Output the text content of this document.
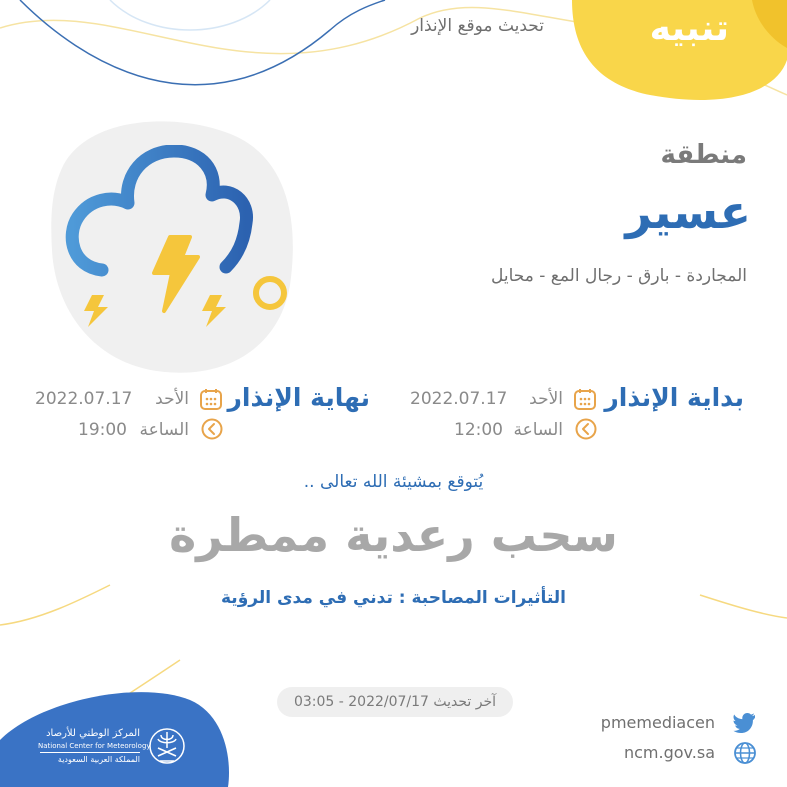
تنبيه
تحديث موقع الإنذار
منطقة
عسير
المجاردة - بارق - رجال المع - محايل
بداية الإنذار
الأحد
2022.07.17
الساعة
12:00
نهاية الإنذار
الأحد
2022.07.17
الساعة
19:00
يُتوقع بمشيئة الله تعالى ..
سحب رعدية ممطرة
التأثيرات المصاحبة : تدني في مدى الرؤية
آخر تحديث 2022/07/17 - 03:05
pmemediacen
ncm.gov.sa
المركز الوطني للأرصاد
National Center for Meteorology
المملكة العربية السعودية
